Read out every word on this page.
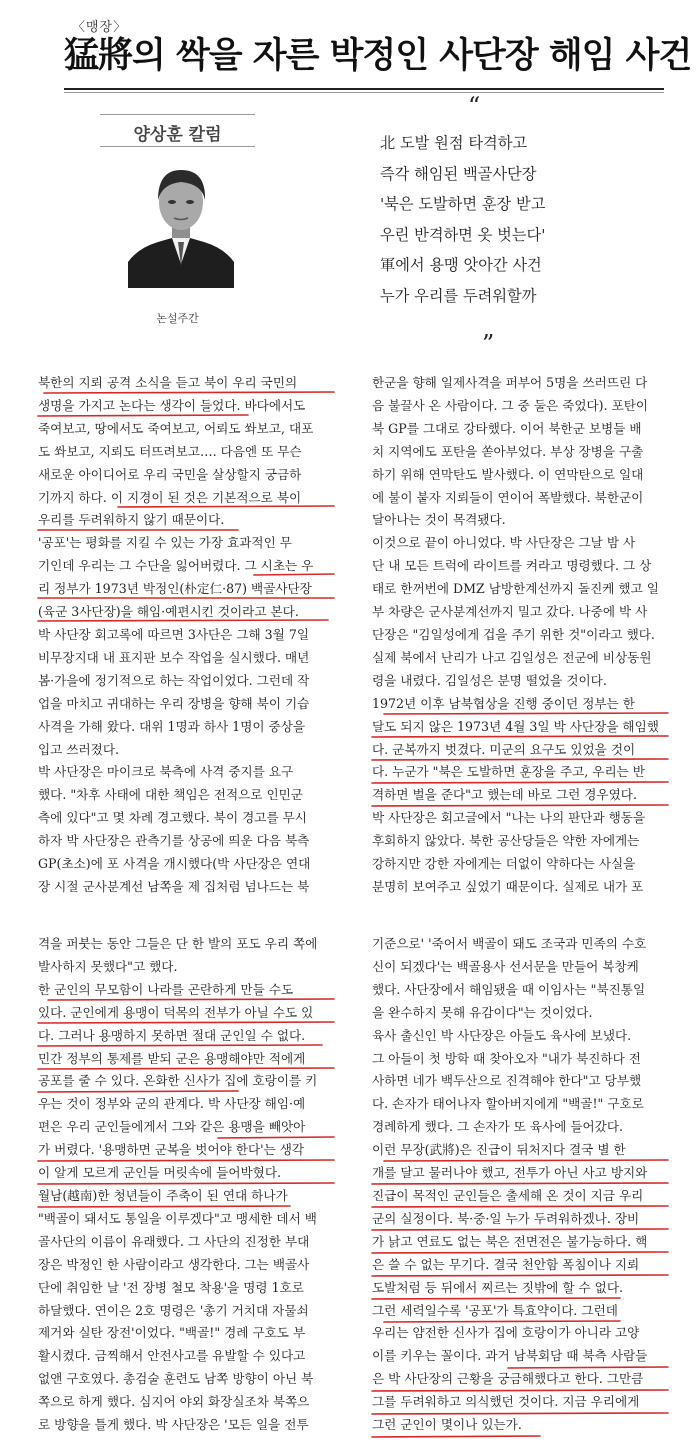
〈맹장〉
猛將의 싹을 자른 박정인 사단장 해임 사건
양상훈 칼럼
논설주간
“
北 도발 원점 타격하고
즉각 해임된 백골사단장
'북은 도발하면 훈장 받고
우린 반격하면 옷 벗는다'
軍에서 용맹 앗아간 사건
누가 우리를 두려워할까
”

북한의 지뢰 공격 소식을 듣고 북이 우리 국민의

생명을 가지고 논다는 생각이 들었다. 바다에서도

죽여보고, 땅에서도 죽여보고, 어뢰도 쏴보고, 대포

도 쏴보고, 지뢰도 터뜨려보고…. 다음엔 또 무슨

새로운 아이디어로 우리 국민을 살상할지 궁금하

기까지 하다. 이 지경이 된 것은 기본적으로 북이

우리를 두려워하지 않기 때문이다.

'공포'는 평화를 지킬 수 있는 가장 효과적인 무

기인데 우리는 그 수단을 잃어버렸다. 그 시초는 우

리 정부가 1973년 박정인(朴定仁·87) 백골사단장

(육군 3사단장)을 해임·예편시킨 것이라고 본다.

박 사단장 회고록에 따르면 3사단은 그해 3월 7일

비무장지대 내 표지판 보수 작업을 실시했다. 매년

봄·가을에 정기적으로 하는 작업이었다. 그런데 작

업을 마치고 귀대하는 우리 장병을 향해 북이 기습

사격을 가해 왔다. 대위 1명과 하사 1명이 중상을

입고 쓰러졌다.

박 사단장은 마이크로 북측에 사격 중지를 요구

했다. "차후 사태에 대한 책임은 전적으로 인민군

측에 있다"고 몇 차례 경고했다. 북이 경고를 무시

하자 박 사단장은 관측기를 상공에 띄운 다음 북측

GP(초소)에 포 사격을 개시했다(박 사단장은 연대

장 시절 군사분계선 남쪽을 제 집처럼 넘나드는 북

한군을 향해 일제사격을 퍼부어 5명을 쓰러뜨린 다

음 불끌사 온 사람이다. 그 중 둘은 죽었다). 포탄이

북 GP를 그대로 강타했다. 이어 북한군 보병들 배

치 지역에도 포탄을 쏟아부었다. 부상 장병을 구출

하기 위해 연막탄도 발사했다. 이 연막탄으로 일대

에 불이 붙자 지뢰들이 연이어 폭발했다. 북한군이

달아나는 것이 목격됐다.

이것으로 끝이 아니었다. 박 사단장은 그날 밤 사

단 내 모든 트럭에 라이트를 켜라고 명령했다. 그 상

태로 한꺼번에 DMZ 남방한계선까지 돌진케 했고 일

부 차량은 군사분계선까지 밀고 갔다. 나중에 박 사

단장은 "김일성에게 겁을 주기 위한 것"이라고 했다.

실제 북에서 난리가 나고 김일성은 전군에 비상동원

령을 내렸다. 김일성은 분명 떨었을 것이다.

1972년 이후 남북협상을 진행 중이던 정부는 한

달도 되지 않은 1973년 4월 3일 박 사단장을 해임했

다. 군복까지 벗겼다. 미군의 요구도 있었을 것이

다. 누군가 "북은 도발하면 훈장을 주고, 우리는 반

격하면 벌을 준다"고 했는데 바로 그런 경우였다.

박 사단장은 회고글에서 "나는 나의 판단과 행동을

후회하지 않았다. 북한 공산당들은 약한 자에게는

강하지만 강한 자에게는 더없이 약하다는 사실을

분명히 보여주고 싶었기 때문이다. 실제로 내가 포

격을 퍼붓는 동안 그들은 단 한 발의 포도 우리 쪽에

발사하지 못했다"고 했다.

한 군인의 무모함이 나라를 곤란하게 만들 수도

있다. 군인에게 용맹이 덕목의 전부가 아닐 수도 있

다. 그러나 용맹하지 못하면 절대 군인일 수 없다.

민간 정부의 통제를 받되 군은 용맹해야만 적에게

공포를 줄 수 있다. 온화한 신사가 집에 호랑이를 키

우는 것이 정부와 군의 관계다. 박 사단장 해임·예

편은 우리 군인들에게서 그와 같은 용맹을 빼앗아

가 버렸다. '용맹하면 군복을 벗어야 한다'는 생각

이 알게 모르게 군인들 머릿속에 들어박혔다.

월남(越南)한 청년들이 주축이 된 연대 하나가

"백골이 돼서도 통일을 이루겠다"고 맹세한 데서 백

골사단의 이름이 유래했다. 그 사단의 진정한 부대

장은 박정인 한 사람이라고 생각한다. 그는 백골사

단에 취임한 날 '전 장병 철모 착용'을 명령 1호로

하달했다. 연이은 2호 명령은 '총기 거치대 자물쇠

제거와 실탄 장전'이었다. "백골!" 경례 구호도 부

활시켰다. 금찍해서 안전사고를 유발할 수 있다고

없앤 구호였다. 총검술 훈련도 남쪽 방향이 아닌 북

쪽으로 하게 했다. 심지어 야외 화장실조차 북쪽으

로 방향을 틀게 했다. 박 사단장은 '모든 일을 전투

기준으로' '죽어서 백골이 돼도 조국과 민족의 수호

신이 되겠다'는 백골용사 선서문을 만들어 복창케

했다. 사단장에서 해임됐을 때 이임사는 "북진통일

을 완수하지 못해 유감이다"는 것이었다.

육사 출신인 박 사단장은 아들도 육사에 보냈다.

그 아들이 첫 방학 때 찾아오자 "내가 북진하다 전

사하면 네가 백두산으로 진격해야 한다"고 당부했

다. 손자가 태어나자 할아버지에게 "백골!" 구호로

경례하게 했다. 그 손자가 또 육사에 들어갔다.

이런 무장(武將)은 진급이 뒤처지다 결국 별 한

개를 달고 물러나야 했고, 전투가 아닌 사고 방지와

진급이 목적인 군인들은 출세해 온 것이 지금 우리

군의 실정이다. 북·중·일 누가 두려워하겠나. 장비

가 낡고 연료도 없는 북은 전면전은 불가능하다. 핵

은 쓸 수 없는 무기다. 결국 천안함 폭침이나 지뢰

도발처럼 등 뒤에서 찌르는 짓밖에 할 수 없다.

그런 세력일수록 '공포'가 특효약이다. 그런데

우리는 얌전한 신사가 집에 호랑이가 아니라 고양

이를 키우는 꼴이다. 과거 남북회담 때 북측 사람들

은 박 사단장의 근황을 궁금해했다고 한다. 그만큼

그를 두려워하고 의식했던 것이다. 지금 우리에게

그런 군인이 몇이나 있는가.
